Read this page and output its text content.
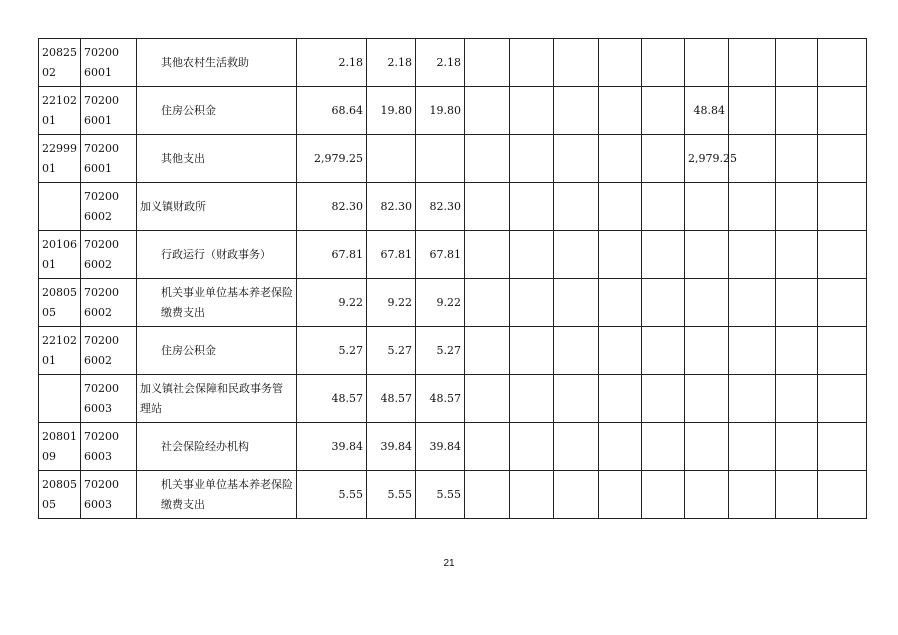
2082502	702006001	其他农村生活救助	2.18	2.18	2.18									

2210201	702006001	住房公积金	68.64	19.80	19.80						48.84			

2299901	702006001	其他支出	2,979.25								2,979.25			

	702006002	加义镇财政所	82.30	82.30	82.30									

2010601	702006002	行政运行（财政事务）	67.81	67.81	67.81									

2080505	702006002	机关事业单位基本养老保险缴费支出	9.22	9.22	9.22									

2210201	702006002	住房公积金	5.27	5.27	5.27									

	702006003	加义镇社会保障和民政事务管理站	48.57	48.57	48.57									

2080109	702006003	社会保险经办机构	39.84	39.84	39.84									

2080505	702006003	机关事业单位基本养老保险缴费支出	5.55	5.55	5.55									
21
